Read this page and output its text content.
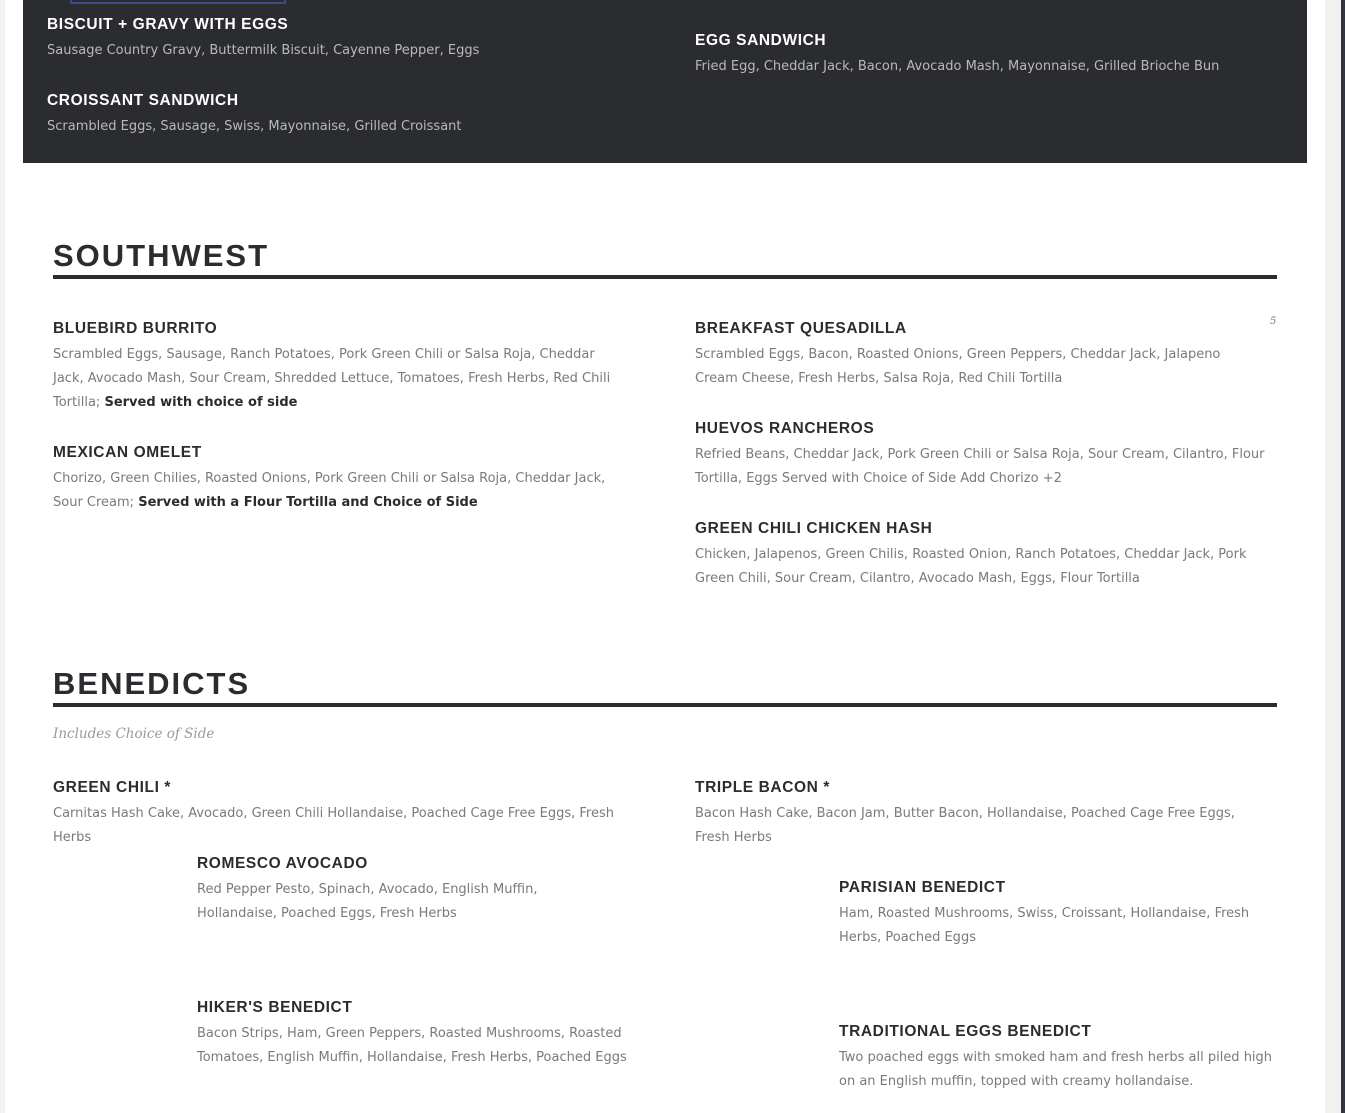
BISCUIT + GRAVY WITH EGGS

Sausage Country Gravy, Buttermilk Biscuit, Cayenne Pepper, Eggs

CROISSANT SANDWICH

Scrambled Eggs, Sausage, Swiss, Mayonnaise, Grilled Croissant

EGG SANDWICH

Fried Egg, Cheddar Jack, Bacon, Avocado Mash, Mayonnaise, Grilled Brioche Bun

SOUTHWEST
BLUEBIRD BURRITO

Scrambled Eggs, Sausage, Ranch Potatoes, Pork Green Chili or Salsa Roja, Cheddar Jack, Avocado Mash, Sour Cream, Shredded Lettuce, Tomatoes, Fresh Herbs, Red Chili Tortilla; Served with choice of side

MEXICAN OMELET

Chorizo, Green Chilies, Roasted Onions, Pork Green Chili or Salsa Roja, Cheddar Jack, Sour Cream; Served with a Flour Tortilla and Choice of Side

BREAKFAST QUESADILLA	5

Scrambled Eggs, Bacon, Roasted Onions, Green Peppers, Cheddar Jack, Jalapeno Cream Cheese, Fresh Herbs, Salsa Roja, Red Chili Tortilla

HUEVOS RANCHEROS

Refried Beans, Cheddar Jack, Pork Green Chili or Salsa Roja, Sour Cream, Cilantro, Flour Tortilla, Eggs Served with Choice of Side Add Chorizo +2

GREEN CHILI CHICKEN HASH

Chicken, Jalapenos, Green Chilis, Roasted Onion, Ranch Potatoes, Cheddar Jack, Pork Green Chili, Sour Cream, Cilantro, Avocado Mash, Eggs, Flour Tortilla

BENEDICTS

Includes Choice of Side

GREEN CHILI *

Carnitas Hash Cake, Avocado, Green Chili Hollandaise, Poached Cage Free Eggs, Fresh Herbs

ROMESCO AVOCADO

Red Pepper Pesto, Spinach, Avocado, English Muffin, Hollandaise, Poached Eggs, Fresh Herbs

HIKER'S BENEDICT

Bacon Strips, Ham, Green Peppers, Roasted Mushrooms, Roasted Tomatoes, English Muffin, Hollandaise, Fresh Herbs, Poached Eggs

TRIPLE BACON *

Bacon Hash Cake, Bacon Jam, Butter Bacon, Hollandaise, Poached Cage Free Eggs, Fresh Herbs

PARISIAN BENEDICT

Ham, Roasted Mushrooms, Swiss, Croissant, Hollandaise, Fresh Herbs, Poached Eggs

TRADITIONAL EGGS BENEDICT

Two poached eggs with smoked ham and fresh herbs all piled high on an English muffin, topped with creamy hollandaise.
